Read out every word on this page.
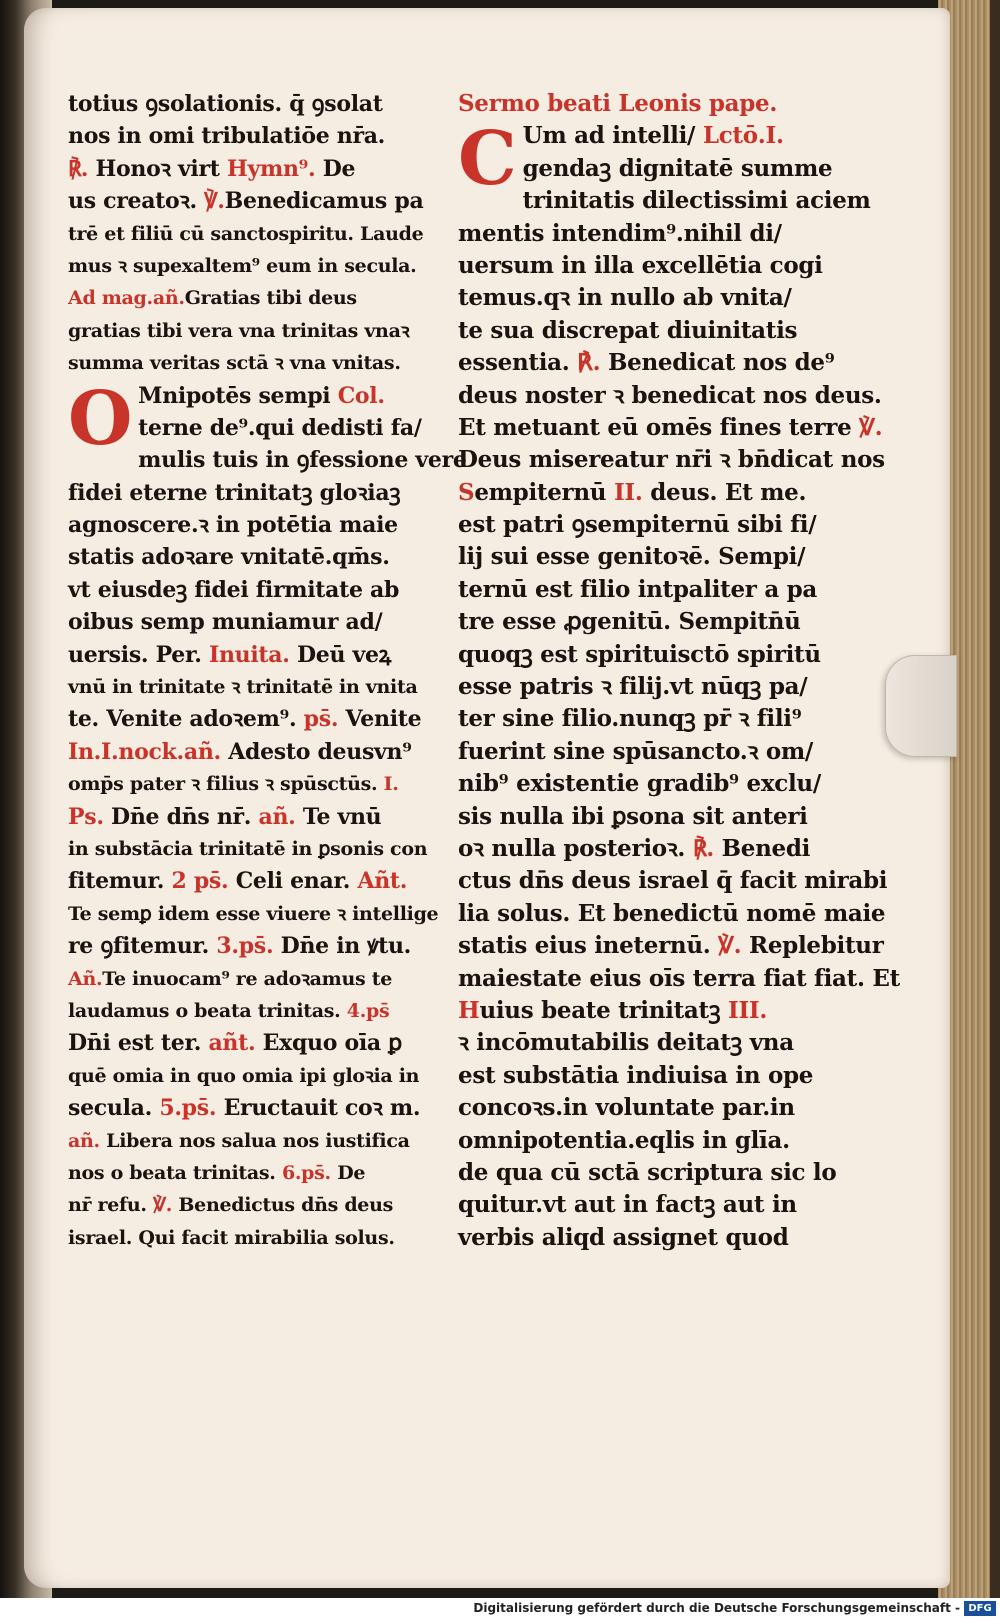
totius ꝯsolationis. q̄ ꝯsolat
nos in omi tribulatiōe nr̄a.
℟. Honoꝛ virt Hymn⁹. De
us creatoꝛ. ℣.Benedicamus pa
trē et filiū cū sanctospiritu. Laude
mus ꝛ supexaltem⁹ eum in secula.
Ad mag.añ.Gratias tibi deus
gratias tibi vera vna trinitas vnaꝛ
summa veritas sctā ꝛ vna vnitas.
O Mnipotēs sempi Col.
terne de⁹.qui dedisti fa/
mulis tuis in ꝯfessione vere
fidei eterne trinitatꝫ gloꝛiaꝫ
agnoscere.ꝛ in potētia maie
statis adoꝛare vnitatē.qm̄s.
vt eiusdeꝫ fidei firmitate ab
oibus semp muniamur ad/
uersis. Per. Inuita. Deū veꝝ
vnū in trinitate ꝛ trinitatē in vnita
te. Venite adoꝛem⁹. ps̄. Venite
In.I.nock.añ. Adesto deusvn⁹
omp̄s pater ꝛ filius ꝛ spūsctūs. I.
Ps. Dn̄e dn̄s nr̄. añ. Te vnū
in substācia trinitatē in ꝑsonis con
fitemur. 2 ps̄. Celi enar. Añt.
Te semꝑ idem esse viuere ꝛ intellige
re ꝯfitemur. 3.ps̄. Dn̄e in ꝟtu.
Añ.Te inuocam⁹ re adoꝛamus te
laudamus o beata trinitas. 4.ps̄
Dn̄i est ter. añt. Exquo oīa ꝑ
quē omia in quo omia ipi gloꝛia in
secula. 5.ps̄. Eructauit coꝛ m.
añ. Libera nos salua nos iustifica
nos o beata trinitas. 6.ps̄. De
nr̄ refu. ℣. Benedictus dn̄s deus
israel. Qui facit mirabilia solus.
Sermo beati Leonis pape.
C Um ad intelli/ Lctō.I.
gendaꝫ dignitatē summe
trinitatis dilectissimi aciem
mentis intendim⁹.nihil di/
uersum in illa excellētia cogi
temus.qꝛ in nullo ab vnita/
te sua discrepat diuinitatis
essentia. ℟. Benedicat nos de⁹
deus noster ꝛ benedicat nos deus.
Et metuant eū omēs fines terre ℣.
Deus misereatur nr̄i ꝛ bn̄dicat nos
Sempiternū II. deus. Et me.
est patri ꝯsempiternū sibi fi/
lij sui esse genitoꝛē. Sempi/
ternū est filio intpaliter a pa
tre esse ꝓgenitū. Sempitn̄ū
quoqꝫ est spirituisctō spiritū
esse patris ꝛ filij.vt nūqꝫ pa/
ter sine filio.nunqꝫ pr̄ ꝛ fili⁹
fuerint sine spūsancto.ꝛ om/
nib⁹ existentie gradib⁹ exclu/
sis nulla ibi ꝑsona sit anteri
oꝛ nulla posterioꝛ. ℟. Benedi
ctus dn̄s deus israel q̄ facit mirabi
lia solus. Et benedictū nomē maie
statis eius ineternū. ℣. Replebitur
maiestate eius oīs terra fiat fiat. Et
Huius beate trinitatꝫ III.
ꝛ incōmutabilis deitatꝫ vna
est substātia indiuisa in ope
concoꝛs.in voluntate par.in
omnipotentia.eqlis in glīa.
de qua cū sctā scriptura sic lo
quitur.vt aut in factꝫ aut in
verbis aliqd assignet quod
Digitalisierung gefördert durch die Deutsche Forschungsgemeinschaft - DFG
